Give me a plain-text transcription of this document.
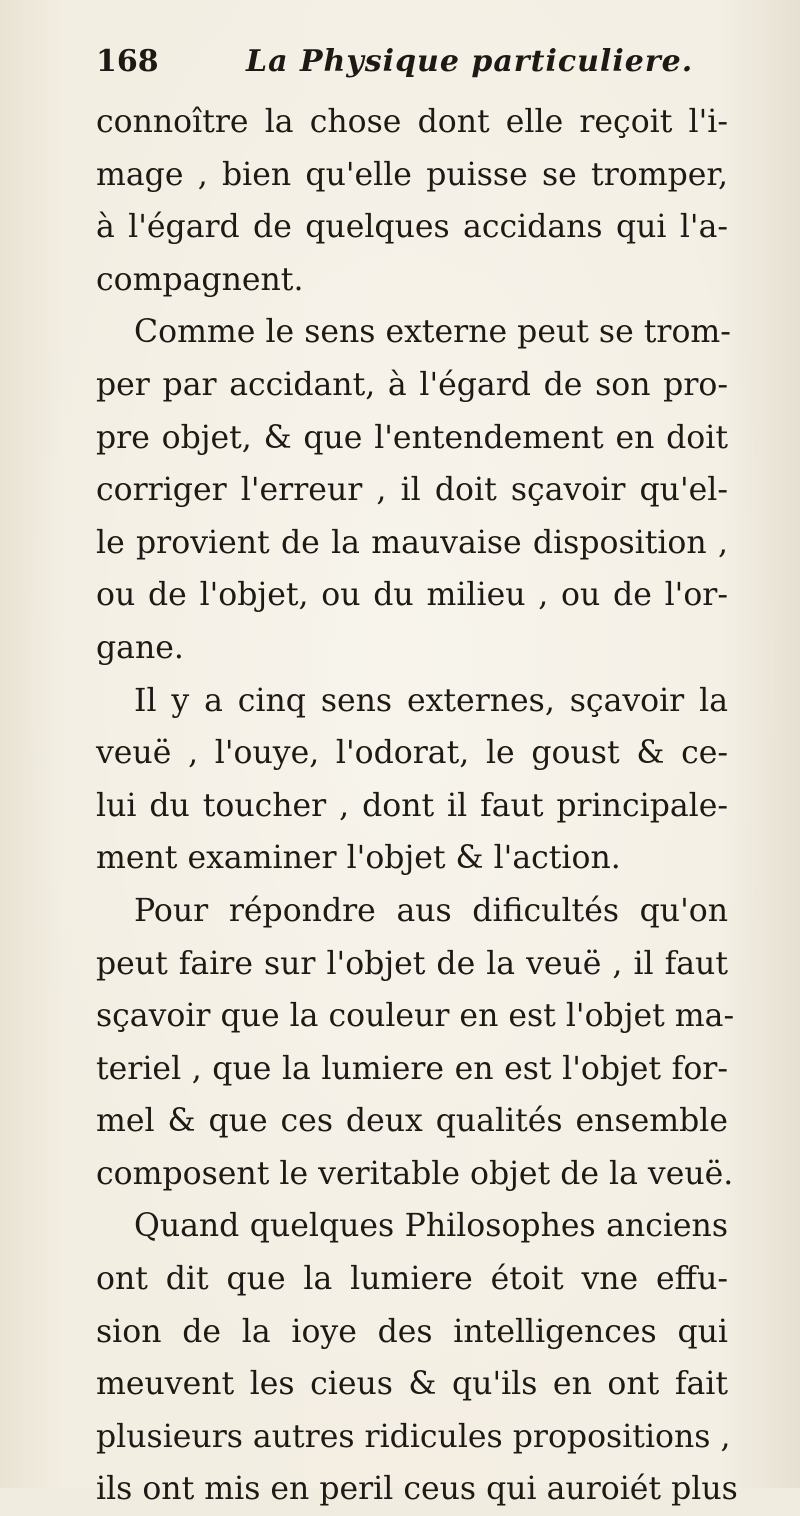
168	La Physique particuliere.
connoître la chose dont elle reçoit l'i-
mage , bien qu'elle puisse se tromper,
à l'égard de quelques accidans qui l'a-
compagnent.
Comme le sens externe peut se trom-
per par accidant, à l'égard de son pro-
pre objet, & que l'entendement en doit
corriger l'erreur , il doit sçavoir qu'el-
le provient de la mauvaise disposition ,
ou de l'objet, ou du milieu , ou de l'or-
gane.
Il y a cinq sens externes, sçavoir la
veuë , l'ouye, l'odorat, le goust & ce-
lui du toucher , dont il faut principale-
ment examiner l'objet & l'action.
Pour répondre aus dificultés qu'on
peut faire sur l'objet de la veuë , il faut
sçavoir que la couleur en est l'objet ma-
teriel , que la lumiere en est l'objet for-
mel & que ces deux qualités ensemble
composent le veritable objet de la veuë.
Quand quelques Philosophes anciens
ont dit que la lumiere étoit vne effu-
sion de la ioye des intelligences qui
meuvent les cieus & qu'ils en ont fait
plusieurs autres ridicules propositions ,
ils ont mis en peril ceus qui auroiét plus
